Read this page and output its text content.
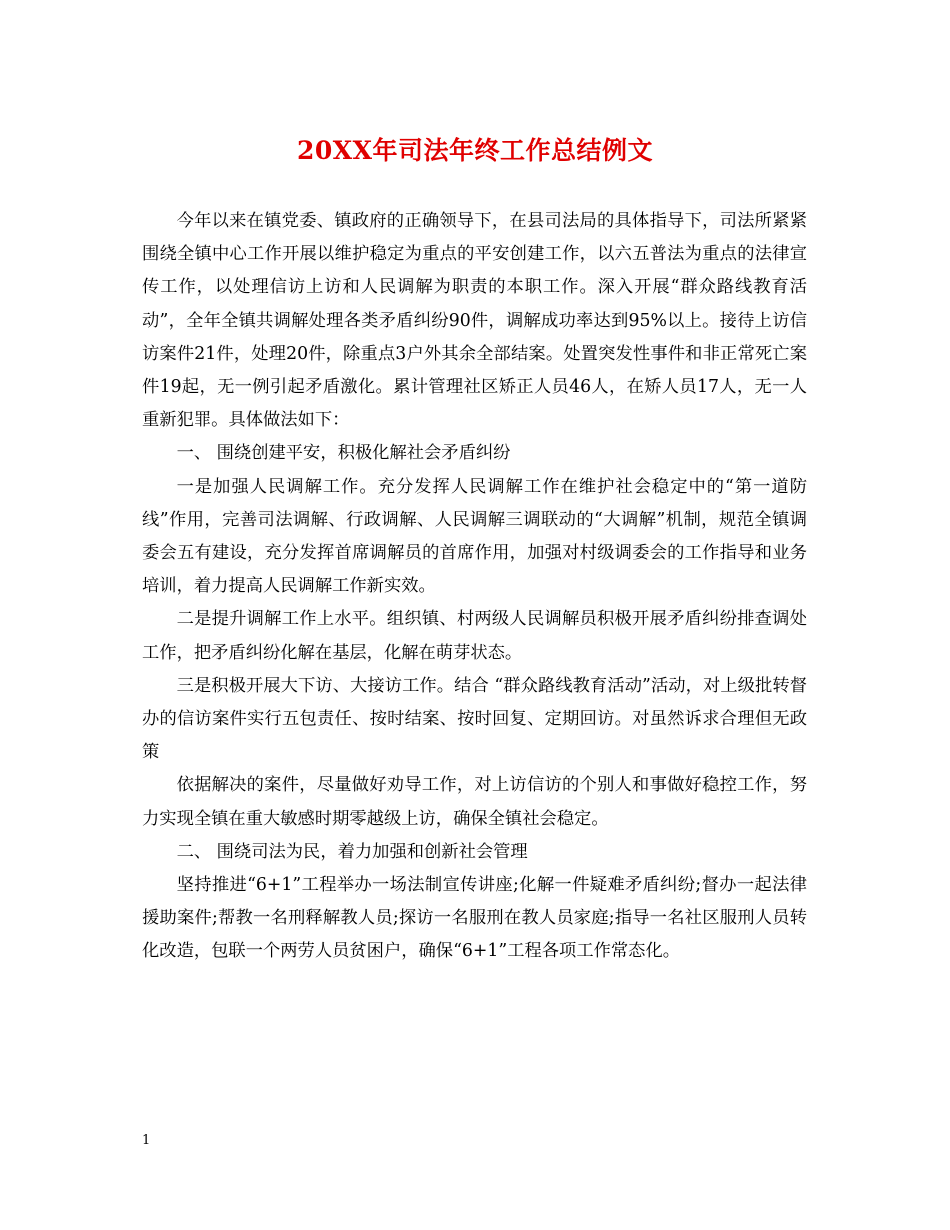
20XX年司法年终工作总结例文

今年以来在镇党委、镇政府的正确领导下，在县司法局的具体指导下，司法所紧紧围绕全镇中心工作开展以维护稳定为重点的平安创建工作，以六五普法为重点的法律宣传工作，以处理信访上访和人民调解为职责的本职工作。深入开展“群众路线教育活动”，全年全镇共调解处理各类矛盾纠纷90件，调解成功率达到95%以上。接待上访信访案件21件，处理20件，除重点3户外其余全部结案。处置突发性事件和非正常死亡案件19起，无一例引起矛盾激化。累计管理社区矫正人员46人，在矫人员17人，无一人重新犯罪。具体做法如下：

一、 围绕创建平安，积极化解社会矛盾纠纷

一是加强人民调解工作。充分发挥人民调解工作在维护社会稳定中的“第一道防线”作用，完善司法调解、行政调解、人民调解三调联动的“大调解”机制，规范全镇调委会五有建设，充分发挥首席调解员的首席作用，加强对村级调委会的工作指导和业务培训，着力提高人民调解工作新实效。

二是提升调解工作上水平。组织镇、村两级人民调解员积极开展矛盾纠纷排查调处工作，把矛盾纠纷化解在基层，化解在萌芽状态。

三是积极开展大下访、大接访工作。结合 “群众路线教育活动”活动，对上级批转督办的信访案件实行五包责任、按时结案、按时回复、定期回访。对虽然诉求合理但无政策

依据解决的案件，尽量做好劝导工作，对上访信访的个别人和事做好稳控工作，努力实现全镇在重大敏感时期零越级上访，确保全镇社会稳定。

二、 围绕司法为民，着力加强和创新社会管理

坚持推进“6+1”工程举办一场法制宣传讲座;化解一件疑难矛盾纠纷;督办一起法律援助案件;帮教一名刑释解教人员;探访一名服刑在教人员家庭;指导一名社区服刑人员转化改造，包联一个两劳人员贫困户，确保“6+1”工程各项工作常态化。

1
